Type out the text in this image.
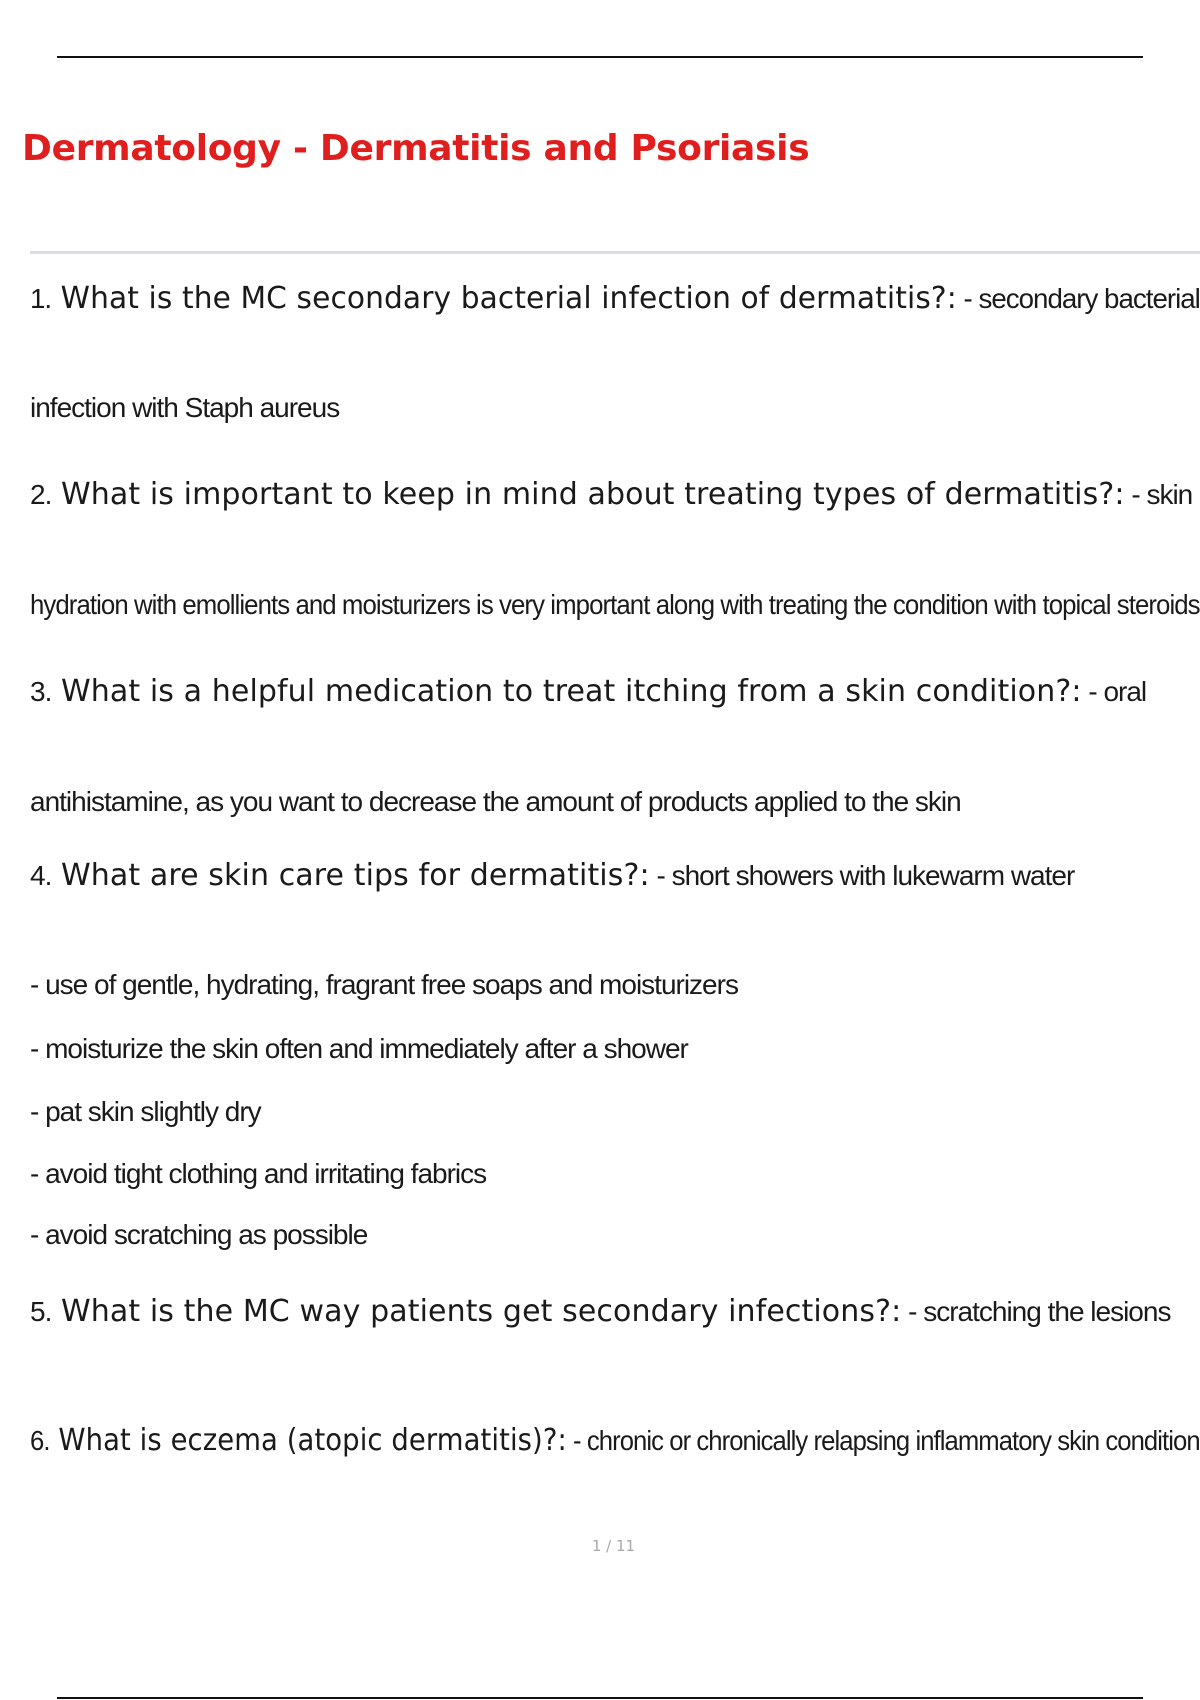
Dermatology - Dermatitis and Psoriasis

1. What is the MC secondary bacterial infection of dermatitis?: - secondary bacterial

infection with Staph aureus

2. What is important to keep in mind about treating types of dermatitis?: - skin

hydration with emollients and moisturizers is very important along with treating the condition with topical steroids

3. What is a helpful medication to treat itching from a skin condition?: - oral

antihistamine, as you want to decrease the amount of products applied to the skin

4. What are skin care tips for dermatitis?: - short showers with lukewarm water

- use of gentle, hydrating, fragrant free soaps and moisturizers

- moisturize the skin often and immediately after a shower

- pat skin slightly dry

- avoid tight clothing and irritating fabrics

- avoid scratching as possible

5. What is the MC way patients get secondary infections?: - scratching the lesions

6. What is eczema (atopic dermatitis)?: - chronic or chronically relapsing inflammatory skin condition

1 / 11
